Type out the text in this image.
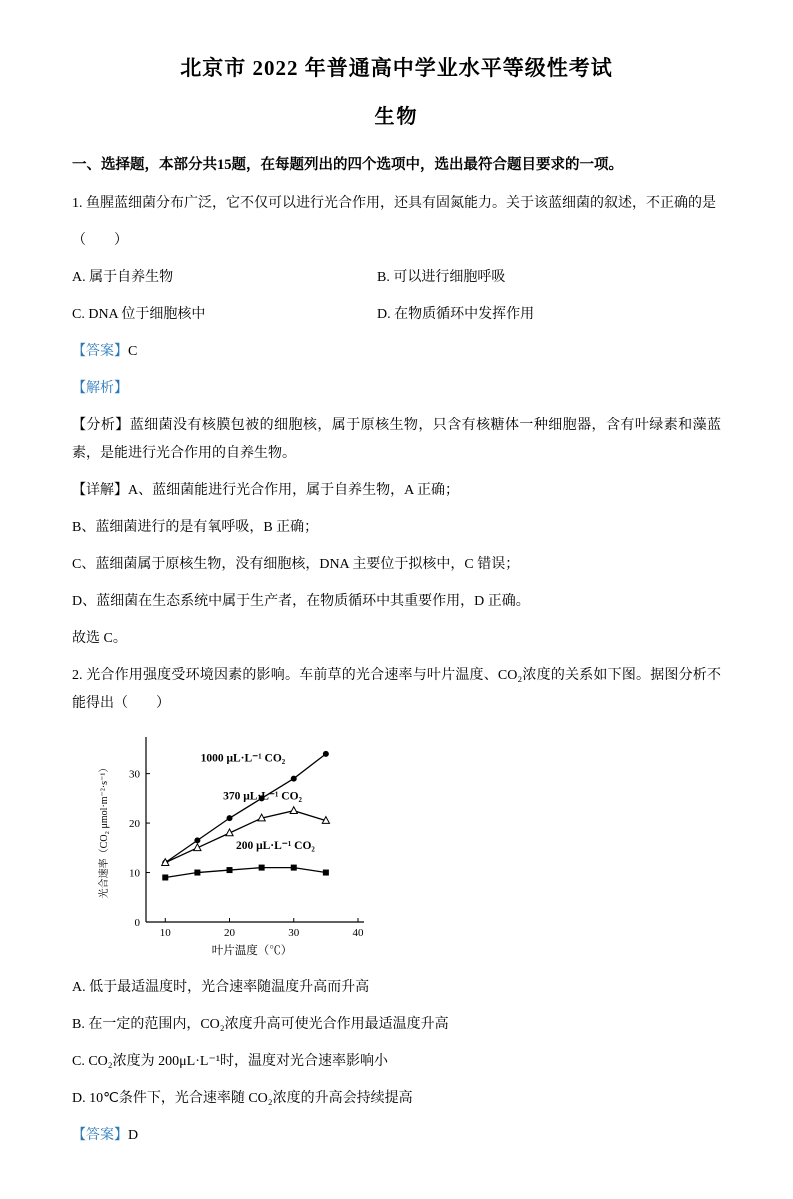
北京市 2022 年普通高中学业水平等级性考试
生物

一、选择题，本部分共15题，在每题列出的四个选项中，选出最符合题目要求的一项。

1. 鱼腥蓝细菌分布广泛，它不仅可以进行光合作用，还具有固氮能力。关于该蓝细菌的叙述，不正确的是

（　　）

A. 属于自养生物	B. 可以进行细胞呼吸
C. DNA 位于细胞核中	D. 在物质循环中发挥作用

【答案】C

【解析】

【分析】蓝细菌没有核膜包被的细胞核，属于原核生物，只含有核糖体一种细胞器，含有叶绿素和藻蓝素，是能进行光合作用的自养生物。

【详解】A、蓝细菌能进行光合作用，属于自养生物，A 正确；

B、蓝细菌进行的是有氧呼吸，B 正确；

C、蓝细菌属于原核生物，没有细胞核，DNA 主要位于拟核中，C 错误；

D、蓝细菌在生态系统中属于生产者，在物质循环中其重要作用，D 正确。

故选 C。

2. 光合作用强度受环境因素的影响。车前草的光合速率与叶片温度、CO₂浓度的关系如下图。据图分析不能得出（　　）

10	20	30	40
0
10
20
30
1000 μL·L⁻¹ CO₂
370 μL·L⁻¹ CO₂
200 μL·L⁻¹ CO₂
叶片温度（℃）
光合速率（CO₂ μmol·m⁻²·s⁻¹）

A. 低于最适温度时，光合速率随温度升高而升高

B. 在一定的范围内，CO₂浓度升高可使光合作用最适温度升高

C. CO₂浓度为 200μL·L⁻¹时，温度对光合速率影响小

D. 10℃条件下，光合速率随 CO₂浓度的升高会持续提高

【答案】D
